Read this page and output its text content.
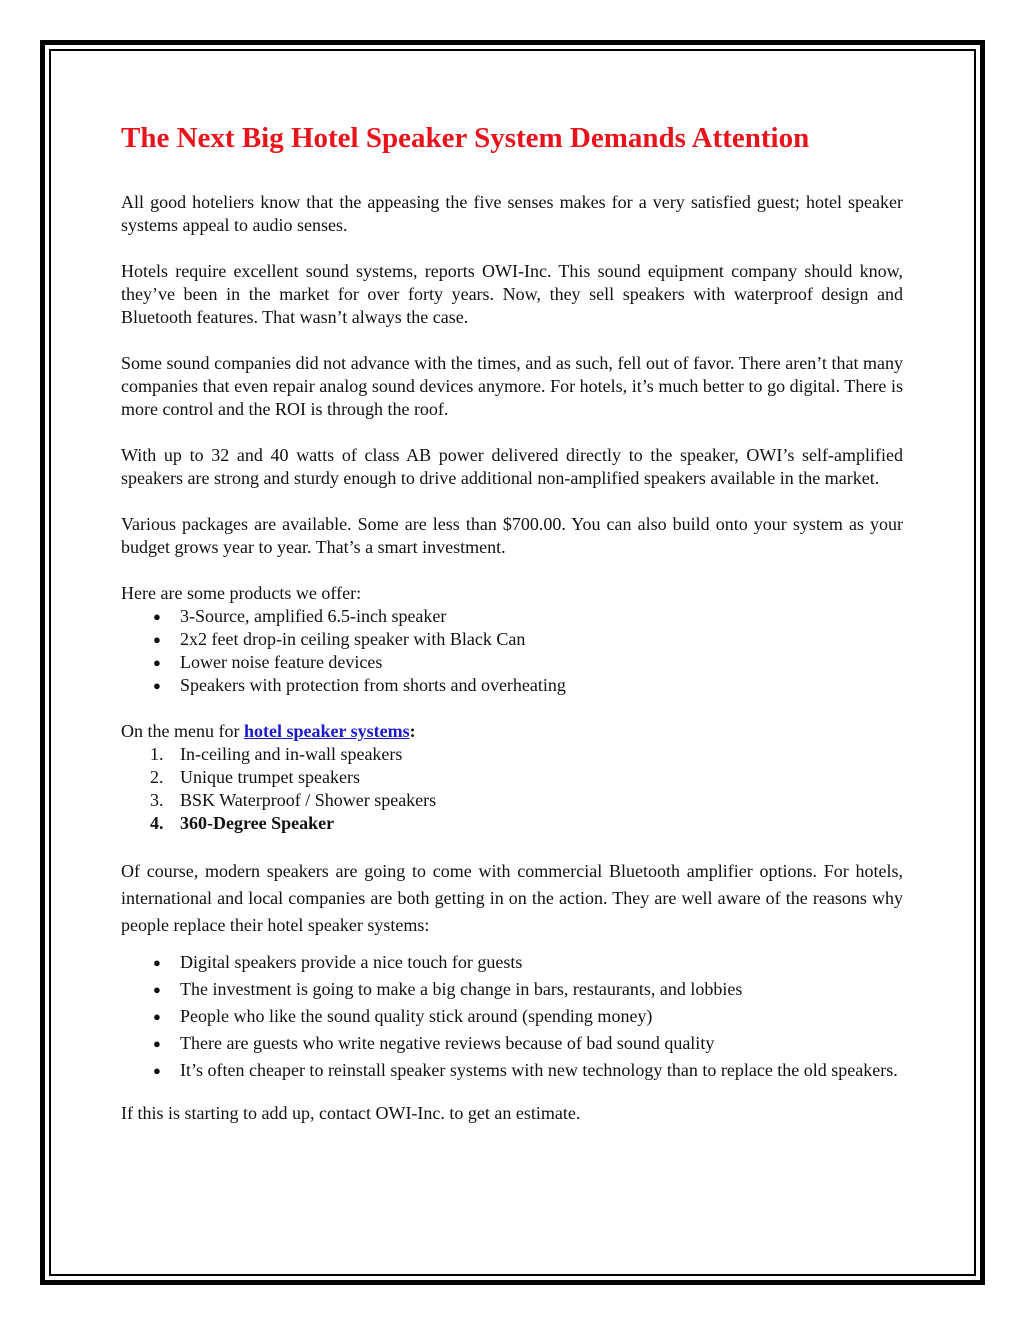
The Next Big Hotel Speaker System Demands Attention

All good hoteliers know that the appeasing the five senses makes for a very satisfied guest; hotel speaker systems appeal to audio senses.

Hotels require excellent sound systems, reports OWI-Inc. This sound equipment company should know, they’ve been in the market for over forty years. Now, they sell speakers with waterproof design and Bluetooth features. That wasn’t always the case.

Some sound companies did not advance with the times, and as such, fell out of favor. There aren’t that many companies that even repair analog sound devices anymore. For hotels, it’s much better to go digital. There is more control and the ROI is through the roof.

With up to 32 and 40 watts of class AB power delivered directly to the speaker, OWI’s self-amplified speakers are strong and sturdy enough to drive additional non-amplified speakers available in the market.

Various packages are available. Some are less than $700.00. You can also build onto your system as your budget grows year to year. That’s a smart investment.

Here are some products we offer:

● 3-Source, amplified 6.5-inch speaker
● 2x2 feet drop-in ceiling speaker with Black Can
● Lower noise feature devices
● Speakers with protection from shorts and overheating

On the menu for hotel speaker systems:

In-ceiling and in-wall speakers
Unique trumpet speakers
BSK Waterproof / Shower speakers
360-Degree Speaker

Of course, modern speakers are going to come with commercial Bluetooth amplifier options. For hotels, international and local companies are both getting in on the action. They are well aware of the reasons why people replace their hotel speaker systems:

● Digital speakers provide a nice touch for guests
● The investment is going to make a big change in bars, restaurants, and lobbies
● People who like the sound quality stick around (spending money)
● There are guests who write negative reviews because of bad sound quality
● It’s often cheaper to reinstall speaker systems with new technology than to replace the old speakers.

If this is starting to add up, contact OWI-Inc. to get an estimate.
